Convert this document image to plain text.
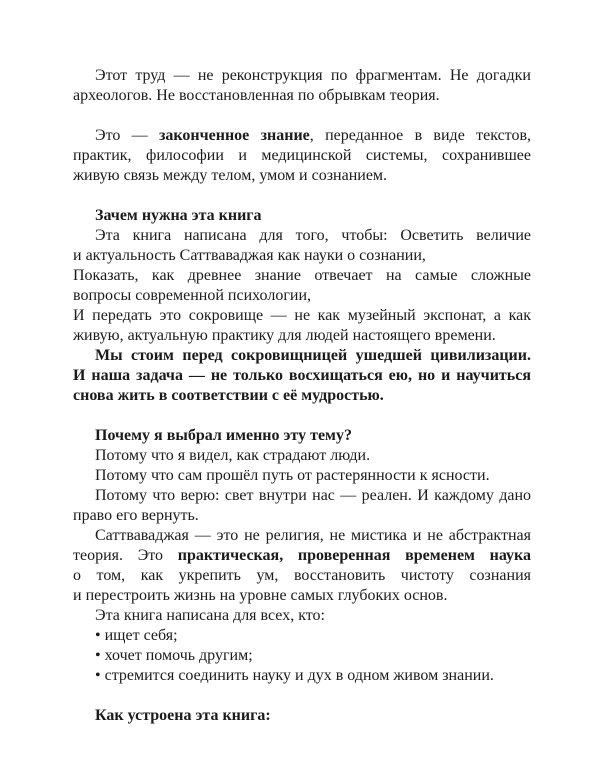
Этот труд — не реконструкция по фрагментам. Не догадки
археологов. Не восстановленная по обрывкам теория.
Это — законченное знание, переданное в виде текстов,
практик, философии и медицинской системы, сохранившее
живую связь между телом, умом и сознанием.
Зачем нужна эта книга
Эта книга написана для того, чтобы: Осветить величие
и актуальность Саттваваджая как науки о сознании,
Показать, как древнее знание отвечает на самые сложные
вопросы современной психологии,
И передать это сокровище — не как музейный экспонат, а как
живую, актуальную практику для людей настоящего времени.
Мы стоим перед сокровищницей ушедшей цивилизации.
И наша задача — не только восхищаться ею, но и научиться
снова жить в соответствии с её мудростью.
Почему я выбрал именно эту тему?
Потому что я видел, как страдают люди.
Потому что сам прошёл путь от растерянности к ясности.
Потому что верю: свет внутри нас — реален. И каждому дано
право его вернуть.
Саттваваджая — это не религия, не мистика и не абстрактная
теория. Это практическая, проверенная временем наука
о том, как укрепить ум, восстановить чистоту сознания
и перестроить жизнь на уровне самых глубоких основ.
Эта книга написана для всех, кто:
• ищет себя;
• хочет помочь другим;
• стремится соединить науку и дух в одном живом знании.
Как устроена эта книга:
